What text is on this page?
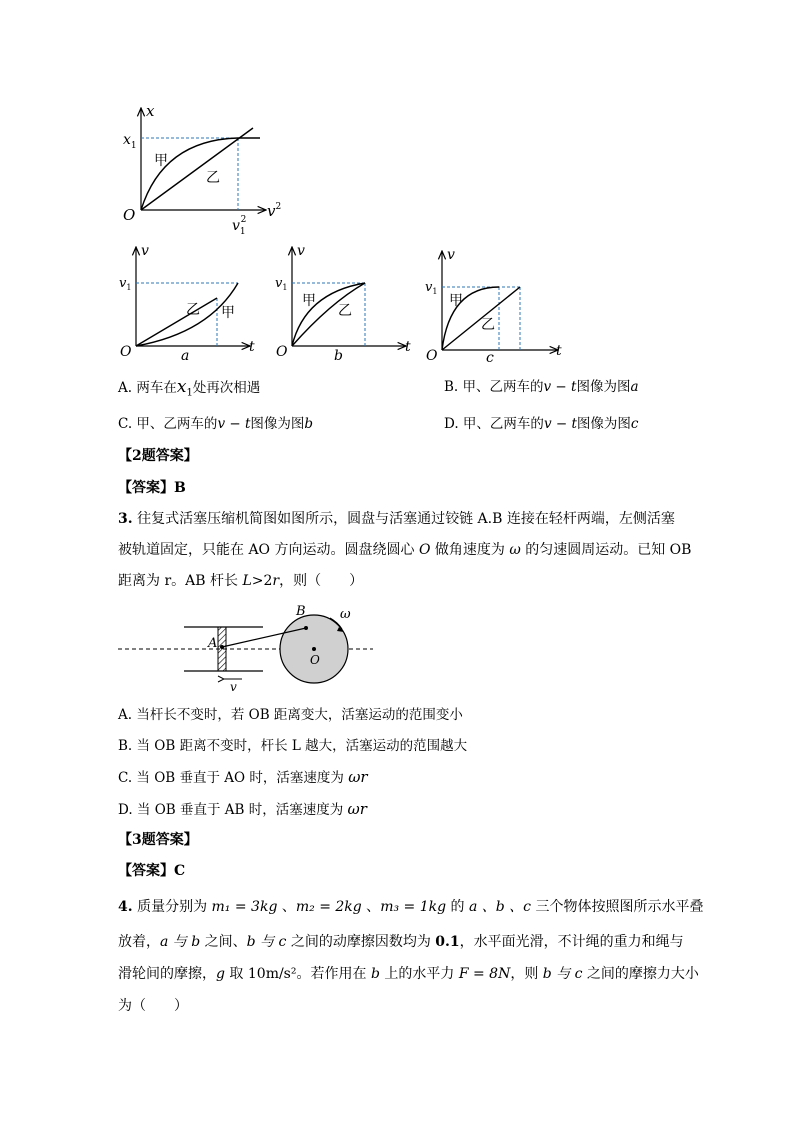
x
$x_1$
甲
乙
O	$v^2$
$v_12$
v
$v_1$
乙 甲
O	t
a
v
$v_1$
甲
乙
O	t
b
v
$v_1$
甲
乙
O	t
c
A. 两车在$x_1$处再次相遇	B. 甲、乙两车的v − t图像为图a
C. 甲、乙两车的v − t图像为图b	D. 甲、乙两车的v − t图像为图c
【2题答案】
【答案】B
3. 往复式活塞压缩机简图如图所示，圆盘与活塞通过铰链 A.B 连接在轻杆两端，左侧活塞
被轨道固定，只能在 AO 方向运动。圆盘绕圆心 O 做角速度为 ω 的匀速圆周运动。已知 OB
距离为 r。AB 杆长 L>2r，则（　　）
A
B
O
ω
v
A. 当杆长不变时，若 OB 距离变大，活塞运动的范围变小
B. 当 OB 距离不变时，杆长 L 越大，活塞运动的范围越大
C. 当 OB 垂直于 AO 时，活塞速度为 ωr
D. 当 OB 垂直于 AB 时，活塞速度为 ωr
【3题答案】
【答案】C
4. 质量分别为 m₁ = 3kg 、m₂ = 2kg 、m₃ = 1kg 的 a 、b 、c 三个物体按照图所示水平叠
放着，a 与 b 之间、b 与 c 之间的动摩擦因数均为 0.1，水平面光滑，不计绳的重力和绳与
滑轮间的摩擦，g 取 10m/s²。若作用在 b 上的水平力 F = 8N，则 b 与 c 之间的摩擦力大小
为（　　）
